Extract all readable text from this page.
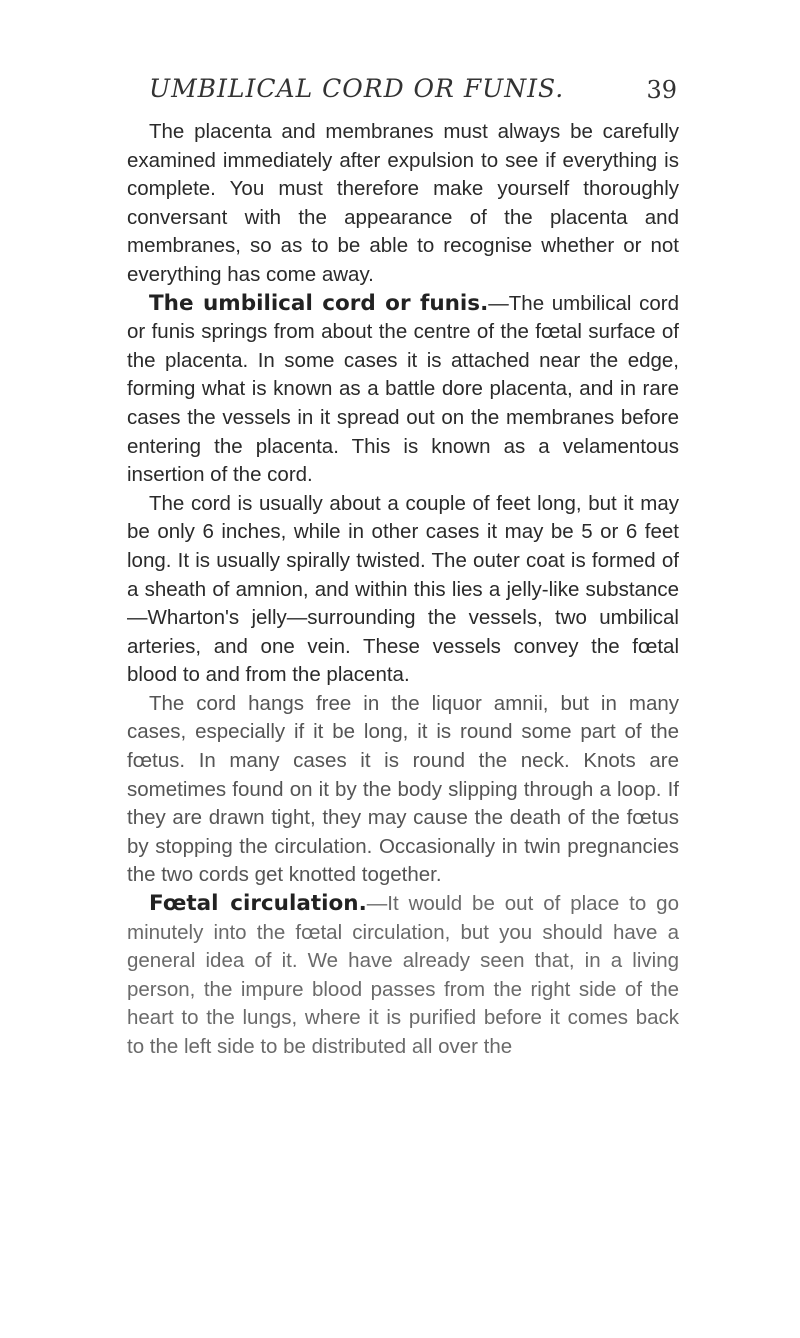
UMBILICAL CORD OR FUNIS.	39

The placenta and membranes must always be carefully examined immediately after expulsion to see if everything is complete. You must therefore make yourself thoroughly conversant with the appearance of the placenta and membranes, so as to be able to recognise whether or not everything has come away.

The umbilical cord or funis.—The umbilical cord or funis springs from about the centre of the fœtal surface of the placenta. In some cases it is attached near the edge, forming what is known as a battle dore placenta, and in rare cases the vessels in it spread out on the membranes before entering the placenta. This is known as a velamentous insertion of the cord.

The cord is usually about a couple of feet long, but it may be only 6 inches, while in other cases it may be 5 or 6 feet long. It is usually spirally twisted. The outer coat is formed of a sheath of amnion, and within this lies a jelly-like substance—Wharton's jelly—surrounding the vessels, two umbilical arteries, and one vein. These vessels convey the fœtal blood to and from the placenta.

The cord hangs free in the liquor amnii, but in many cases, especially if it be long, it is round some part of the fœtus. In many cases it is round the neck. Knots are sometimes found on it by the body slipping through a loop. If they are drawn tight, they may cause the death of the fœtus by stopping the circulation. Occasionally in twin pregnancies the two cords get knotted together.

Fœtal circulation.—It would be out of place to go minutely into the fœtal circulation, but you should have a general idea of it. We have already seen that, in a living person, the impure blood passes from the right side of the heart to the lungs, where it is purified before it comes back to the left side to be distributed all over the
